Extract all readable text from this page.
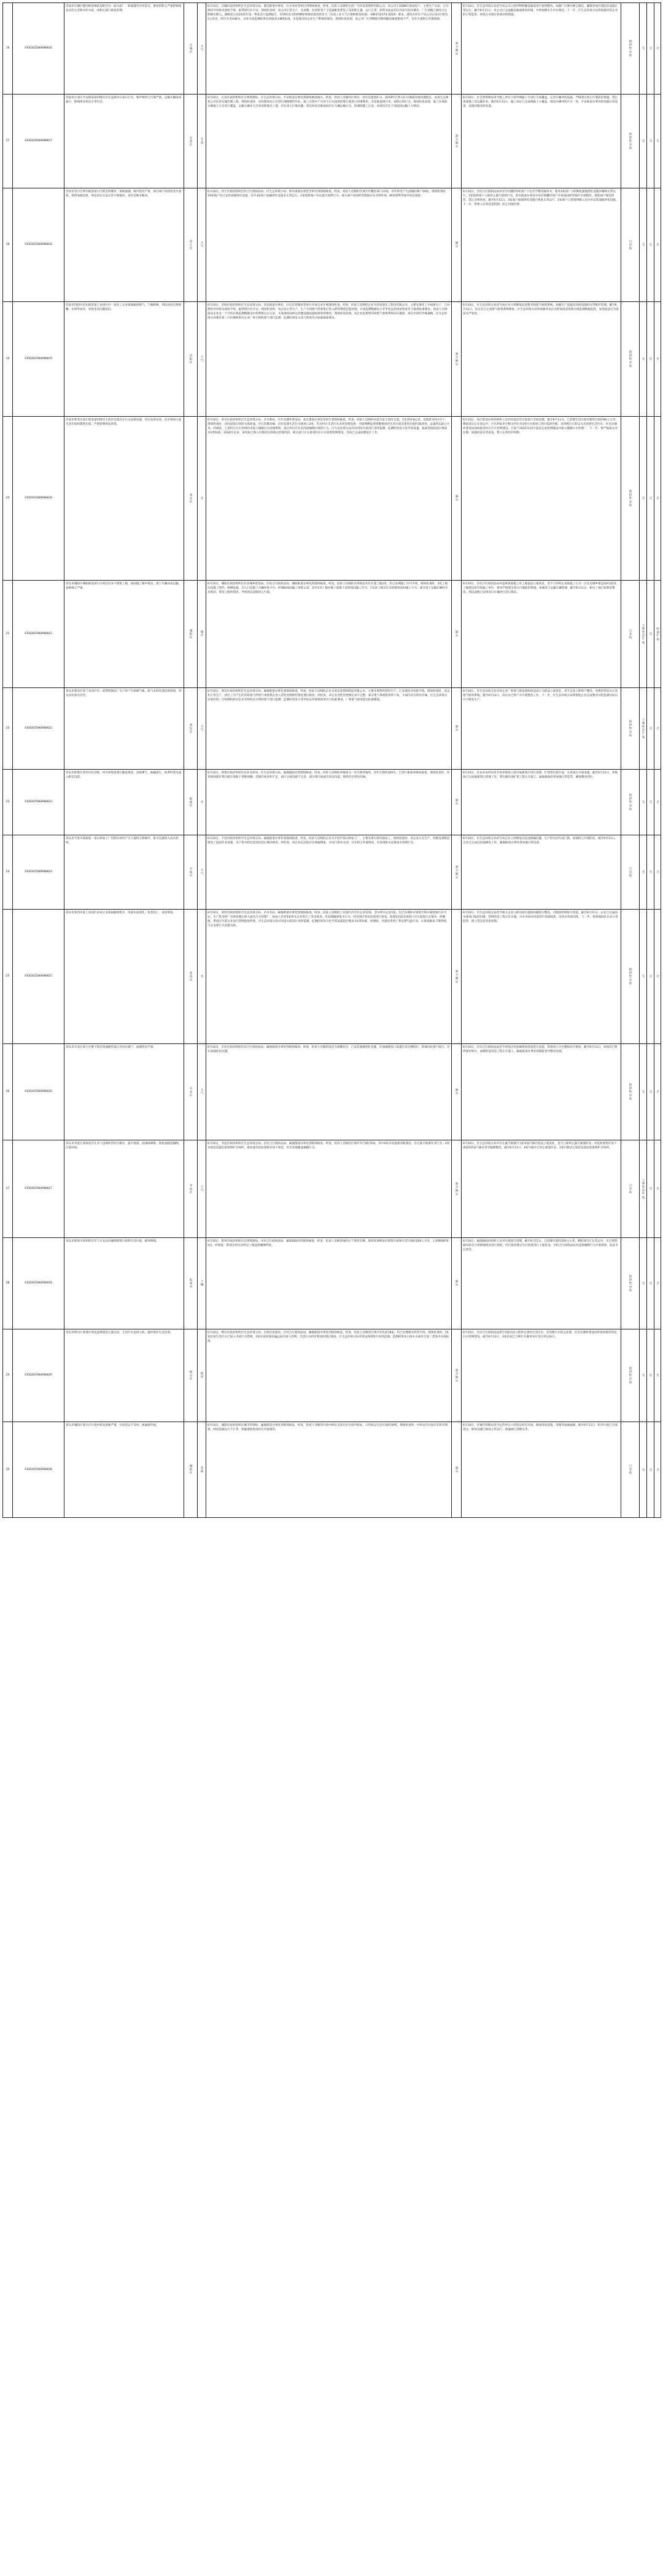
16	X3SD2025060900016
济南市历城区港沟街道神武泉附近有一座水泥厂，距离港沟水库较近，排放的粉尘严重影响周边居民生活和水库水质，请相关部门核查处理。
历城区	大气
6月10日，历城区政府组织区生态环境分局、港沟街道办事处、区水务局等单位到现场核查。经查，投诉人反映的水泥厂为济南某建材有限公司，该公司于2008年建成投产，主要生产水泥，已办理环评审批及验收手续，取得排污许可证。现场检查时，该公司正常生产，水泥磨、包装机等产尘设备配套建设了布袋除尘器，运行正常；原料及成品均在封闭车间内储存，厂区道路已硬化并定期洒水降尘。调阅该公司2025年第一季度自行监测报告，有组织及无组织颗粒物排放浓度均符合《水泥工业大气污染物排放标准》（DB37/2373-2018）要求。港沟水库位于该公司东南方向约1.2公里处，经区水务局核实，水库水质监测结果达到地表水Ⅲ类标准，未发现受该企业生产影响的情况。现场检查发现，该公司厂区西侧部分物料输送廊道密闭不严，存在少量粉尘外逸现象。
部分属实
6月10日，区生态环境分局责令该公司立即对物料输送廊道进行密闭整改，加强厂区洒水降尘频次，确保各项污染防治设施正常运行。截至6月11日，该公司已完成输送廊道密闭封堵，并增加洒水车作业频次。下一步，区生态环境分局将加强对该企业的日常监管，督促企业落实各项环保措施。
阶段性办结	无 无 无
17	X3SD2025060900017
济南市长清区平安街道某村附近存在违规开山采石行为，噪声和粉尘污染严重，运输车辆昼夜通行，影响周边村民正常生活。
长清区	生态
6月10日，长清区政府组织区自然资源局、区生态环境分局、平安街道办事处到现场调查核实。经查，投诉人反映的区域为一处历史遗留矿山，2019年已列入矿山地质环境治理项目，由某生态修复公司负责实施治理工程。现场检查时，该治理项目正在进行削坡整形作业，施工过程中产生的土石方按照治理方案进行回填利用，未发现违规开采、销售石料行为。现场检查发现，施工区域部分裸露土方未进行覆盖，运输车辆未完全冲洗即驶出工地，存在扬尘污染问题；周边村民反映夜间存在车辆运输行为，经调阅施工记录，该项目存在个别夜间运输土方情况。
部分属实
6月10日，区自然资源局责令施工单位立即对裸露土方进行全面覆盖，完善车辆冲洗设施，严格落实扬尘污染防治措施，禁止夜间施工及运输作业。截至6月11日，施工单位已完成裸露土方覆盖，增设车辆冲洗平台一处。平安街道办事处将加强日常巡查，发现问题及时处置。
阶段性办结	无 无 无
18	X3SD2025060900018
济南市章丘区明水街道某小区附近的餐饮一条街油烟、噪声扰民严重，部分商户夜间营业至凌晨，烧烤油烟直排，周边居民无法正常开窗通风，多次反映未解决。
章丘区	大气
6月10日，章丘区政府组织区综合行政执法局、区生态环境分局、明水街道办事处等单位到现场核查。经查，投诉人反映的区域共有餐饮商户23家，其中涉及产生油烟的商户19家。现场检查时，19家商户均已安装油烟净化设施，其中3家商户油烟净化设施未正常运行，2家烧烤商户存在露天烧烤行为；部分商户夜间经营期间存在音响外放、顾客喧哗等噪声扰民现象。
属实
6月10日，区综合行政执法局对存在问题的5家商户下达责令整改通知书，要求3家商户立即修复油烟净化设施并确保正常运行，2家烧烤商户立即停止露天烧烤行为。明水街道办事处对该区域餐饮商户开展夜间经营噪声专项整治，督促商户规范经营，禁止音响外放。截至6月11日，3家商户油烟净化设施已恢复正常运行，2家商户已将烧烤移入室内并安装油烟净化设施。下一步，将建立长效巡查机制，防止问题反弹。
已办结	无 无 无
19	X3SD2025060900019
济南市济阳区济北街道某工业园区内一家化工企业夜间偷排废气，气味刺鼻，周边居民出现咳嗽、头晕等症状，反映多次问题依旧。
济阳区	大气
6月10日，济阳区政府组织区生态环境分局、济北街道办事处、区应急管理局等单位对该企业开展现场检查。经查，投诉人反映的企业为济南某化工科技有限公司，主要从事化工中间体生产，已办理环评审批及验收手续，取得排污许可证。现场检查时，该企业正常生产，生产车间废气经收集后进入RTO焚烧装置处理，在线监测数据显示非甲烷总烃排放浓度符合排放标准要求。执法人员调取该企业近一个月的在线监测数据及中控系统运行记录，未发现夜间停运治理设施或超标排放的情况。现场检查发现，该企业危废暂存间废气收集系统存在破损，部分区域有异味逸散。区生态环境分局委托第三方检测机构对企业厂界无组织废气进行监测，监测结果显示臭气浓度符合标准限值要求。
部分属实
6月10日，区生态环境分局责令该企业立即修复危废暂存间废气收集系统，加强生产设施及环保设施的日常维护管理。截至6月11日，该企业已完成废气收集系统修复。区生态环境分局将加强对该企业的夜间巡查和在线监测数据监控，发现违法行为依法从严查处。
阶段性办结	无 无 无
20	X3SD2025060900020
济南市莱芜区高庄街道某村附近小清河支流存在污水直排问题，河水发黑发臭，沿岸堆放大量生活垃圾和建筑垃圾，严重影响周边环境。
莱芜区	水
6月10日，莱芜区政府组织区生态环境分局、区水利局、区住房城乡建设局、高庄街道办事处等单位到现场核查。经查，投诉人反映的河道为某小清河支流，全长约6.8公里，沿线涉及村庄5个。现场检查时，该河道部分河段水体浑浊，存在轻微异味，沿岸发现生活污水排放口3处，均为村庄生活污水未经处理直排；河道两侧发现零散堆放的生活垃圾及建筑垃圾约30余处，总量约120立方米。经调查，上述村庄污水管网尚未接入城镇污水处理系统，部分村民存在向河道倾倒垃圾的行为。区生态环境分局对该河段水质进行采样监测，监测结果显示化学需氧量、氨氮等指标超过地表水Ⅴ类标准。2024年以来，该河段已纳入区级河长制重点治理河段，相关部门正在推进村庄污水收集管网建设，目前已完成前期设计工作。
属实
6月10日，高庄街道办事处组织人员对河道沿岸垃圾进行全面清理，截至6月11日，已清理生活垃圾及建筑垃圾约80立方米，剩余部分正在清运中。区水利局责令相关村庄对3处污水排放口进行临时封堵，采用吸污车转运方式处理生活污水。区住房城乡建设局加快推进村庄污水管网建设，计划于2025年10月底前完成管网铺设并接入城镇污水处理厂。下一步，将严格落实河长制，加强河道日常巡查，建立长效管护机制。
阶段性办结	无 无 无
21	X3SD2025060900021
青岛市城阳区城阳街道某小区周边有多个建筑工地，夜间施工噪声扰民，渣土车辆昼夜运输，道路扬尘严重。
城阳区	噪声
6月10日，城阳区政府组织区住房城乡建设局、区综合行政执法局、城阳街道办事处到现场核查。经查，投诉人反映的区域周边共有在建工地2处，均已办理施工许可手续。现场检查时，2处工地均设置了围挡、喷淋设施，出入口设置了车辆冲洗平台。经调取夜间施工审批记录，其中1处工地办理了混凝土浇筑夜间施工许可，另1处工地存在未经批准夜间施工行为；部分渣土运输车辆存在未密闭、带泥上路的情况，导致周边道路扬尘污染。
属实
6月10日，区综合行政执法局对违规夜间施工的工地依法立案查处，责令立即停止夜间施工行为；区住房城乡建设局约谈2处工地建设单位和施工单位，要求严格落实扬尘污染防治措施，加强渣土运输车辆管理。截至6月11日，相关工地已按要求整改，周边道路已安排清扫车辆进行清扫保洁。
已办结	立案处罚1家 无 约谈2家
22	X3SD2025060900022
青岛市黄岛区某工业园区内一家塑料制品厂生产时产生刺鼻气味，废气未经处理直接排放，周边居民深受其害。
黄岛区	大气
6月10日，黄岛区政府组织区生态环境分局、属地街道办事处到现场核查。经查，投诉人反映的企业为青岛某塑料制品有限公司，主要从事塑料管材生产，已办理环评审批手续。现场检查时，该企业正常生产，挤出工序产生的有机废气经集气罩收集后进入活性炭吸附装置处理后排放。经检查，该企业活性炭更换记录不完整，部分集气罩收集效率不高，车间内存在明显异味。区生态环境分局委托第三方检测机构对企业有组织及无组织废气进行监测，监测结果显示非甲烷总烃排放浓度符合标准要求，厂界臭气浓度超过标准限值。
属实
6月10日，区生态环境分局对该企业厂界臭气浓度超标的违法行为依法立案查处，责令企业立即停产整改，更换活性炭并完善废气收集系统。截至6月11日，该企业已停产并开展整改工作。下一步，区生态环境分局将督促企业完成整改并经监测达标后方可恢复生产。
阶段性办结	立案处罚1家 无 无
23	X3SD2025060900023
青岛市即墨区某村村民反映，村内养殖场粪污随意排放，臭味熏天，蚊蝇滋生，雨季时粪水流入附近沟渠。
即墨区	水
6月10日，即墨区政府组织区农业农村局、区生态环境分局、属地镇政府到现场核查。经查，投诉人反映的养殖场为一处生猪养殖场，存栏生猪约300头，已进行畜禽养殖场备案。现场检查时，该养殖场建有粪污储存池和干粪堆放棚，但储存池容积不足，雨污分流设施不完善，部分粪污溢流至周边沟渠，现场存在明显异味。
属实
6月10日，区农业农村局责令该养殖场立即对溢流粪污进行清理，扩建粪污储存池，完善雨污分流设施。截至6月11日，养殖场已完成溢流粪污清理工作，粪污储存池扩建工程正在施工。属地镇政府将加强日常监管，确保整改到位。
阶段性办结	无 无 无
24	X3SD2025060900024
青岛市平度市某街道一家石材加工厂切割石材时产生大量粉尘和噪声，废水直接排入雨水管网。
平度市	大气
6月10日，平度市政府组织市生态环境分局、属地街道办事处到现场核查。经查，投诉人反映的企业为平度市某石材加工厂，主要从事石材切割加工。现场检查时，该企业正在生产，切割设备配套建设了湿法作业设施，生产废水经沉淀池沉淀后循环使用。经检查，该企业沉淀池存在渗漏现象，车间门窗未关闭，存在粉尘外逸情况，未发现废水直排雨水管网行为。
部分属实
6月10日，市生态环境分局责令该企业立即修复沉淀池渗漏问题，生产时关闭车间门窗，加强粉尘污染防治。截至6月11日，企业已完成沉淀池修复工作。属地街道办事处将加强日常巡查。
已办结	无 无 无
25	X3SD2025060900025
青岛市莱西市某工业园区多家企业夜间偷排废水，河道水质恶化，鱼类死亡，请求彻查。
莱西市	水
6月10日，莱西市政府组织市生态环境分局、市水务局、属地街道办事处到现场核查。经查，投诉人反映的工业园区内共有企业12家，其中涉水企业5家，均已办理环评审批手续并取得排污许可证，生产废水经厂内预处理后排入园区污水处理厂。执法人员对5家涉水企业进行了突击夜查，未发现偷排废水行为。经对园区周边河道进行排查，发现1处雨水排放口存在混接污水情况，经溯源，系园区内某企业雨污管网混接所致。市生态环境分局对河道水质进行采样监测，监测结果显示化学需氧量超过地表水Ⅴ类标准。经调查，河道鱼类死亡系近期气温升高、水体溶解氧下降所致，与企业排污无直接关联。
部分属实
6月10日，市生态环境分局责令相关企业立即对雨污混接问题进行整改，对混接管网进行改造。截至6月11日，企业已完成雨水排放口临时封堵，管网改造工程正在实施。市水务局对河道进行清淤疏浚，改善水体流动性。下一步，将加强园区企业日常监管，建立常态化夜查机制。
阶段性办结	无 无 无
26	X3SD2025060900026
青岛市市北区某小区楼下饭店排油烟管道正对居民窗户，油烟扰民严重。
市北区	大气
6月10日，市北区政府组织区综合行政执法局、属地街道办事处到现场核查。经查，投诉人反映的饭店为某餐饮店，已安装油烟净化设施，但油烟排放口设置在居民楼低层，距离居民窗户较近，存在油烟扰民问题。
属实
6月10日，区综合行政执法局责令该饭店对油烟排放管道进行改造，将排放口引至楼顶高空排放。截至6月11日，该饭店已暂停使用明火，油烟管道改造工程正在施工。属地街道办事处将跟踪督导整改进展。
阶段性办结	无 无 无
27	X3SD2025060900027
青岛市李沧区某街道存在多个违规经营的汽修店，露天喷漆，油漆味刺鼻，废机油随意倾倒，污染环境。
李沧区	大气
6月10日，李沧区政府组织区生态环境分局、区综合行政执法局、属地街道办事处到现场核查。经查，投诉人反映的区域共有汽修店6家，其中4家未设置密闭喷漆房，存在露天喷漆作业行为；2家未规范设置危险废物贮存场所，废机油等危险废物存放不规范，但未发现随意倾倒行为。
部分属实
6月10日，区生态环境分局对存在露天喷漆行为的4家汽修店依法立案查处，责令立即停止露天喷漆作业；对危险废物存放不规范的2家汽修店责令限期整改。截至6月11日，4家汽修店已停止喷漆作业，2家汽修店已规范设置危险废物贮存场所。
已办结	立案处罚4家 无 无
28	X3SD2025060900028
青岛市胶州市某村附近有人在农田内倾倒建筑垃圾和生活垃圾，破坏耕地。
胶州市	土壤
6月10日，胶州市政府组织市自然资源局、市综合行政执法局、属地镇政府到现场核查。经查，投诉人反映的地块位于某村东侧，现场发现堆放有建筑垃圾和生活垃圾约200立方米，占用耕地约0.5亩。经调查，系部分村民及周边工地违规倾倒所致。
属实
6月10日，属地镇政府组织人员对垃圾进行清理，截至6月11日，已清理垃圾约150立方米，剩余部分正在清运中。市自然资源局将对占用耕地情况进行调查，待垃圾清理完毕后督促进行土地复垦。市综合行政执法局对违规倾倒行为开展调查，依法予以查处。
阶段性办结	无 无 无
29	X3SD2025060900029
青岛市崂山区某景区周边违规建设大量民宿，生活污水直排入海，破坏海洋生态环境。
崂山区	海洋
6月10日，崂山区政府组织区生态环境分局、区海洋发展局、区综合行政执法局、属地街道办事处到现场核查。经查，投诉人反映的区域共有民宿18家，均已办理相关经营手续。现场检查时，15家民宿生活污水已接入市政污水管网，3家民宿因地处偏远尚未接入管网，生活污水经化粪池处理后排放。区生态环境分局对周边海域进行采样监测，监测结果显示海水水质符合第二类海水水质标准。
部分属实
6月10日，区综合行政执法局责令3家民宿立即停止排放生活污水，采用吸污车转运处理。区住房城乡建设局将加快推进周边污水管网建设。截至6月11日，3家民宿已与吸污车服务单位签订转运协议。
阶段性办结	无 无 无
30	X3SD2025060900030
青岛市城阳区某社区垃圾中转站臭味严重，垃圾清运不及时，渗滤液外流。
城阳区	其他
6月10日，城阳区政府组织区城市管理局、属地街道办事处到现场核查。经查，投诉人反映的垃圾中转站为某社区垃圾中转站，日均转运生活垃圾约30吨。现场检查时，中转站内垃圾存在积存现象，除臭设施运行不正常，渗滤液收集池存在外溢情况。
属实
6月10日，区城市管理局责令运营单位立即清运积存垃圾，修复除臭设施，清理外溢渗滤液。截至6月11日，积存垃圾已全部清运，除臭设施已恢复正常运行，渗滤液已清理完毕。
已办结	无 无 无
